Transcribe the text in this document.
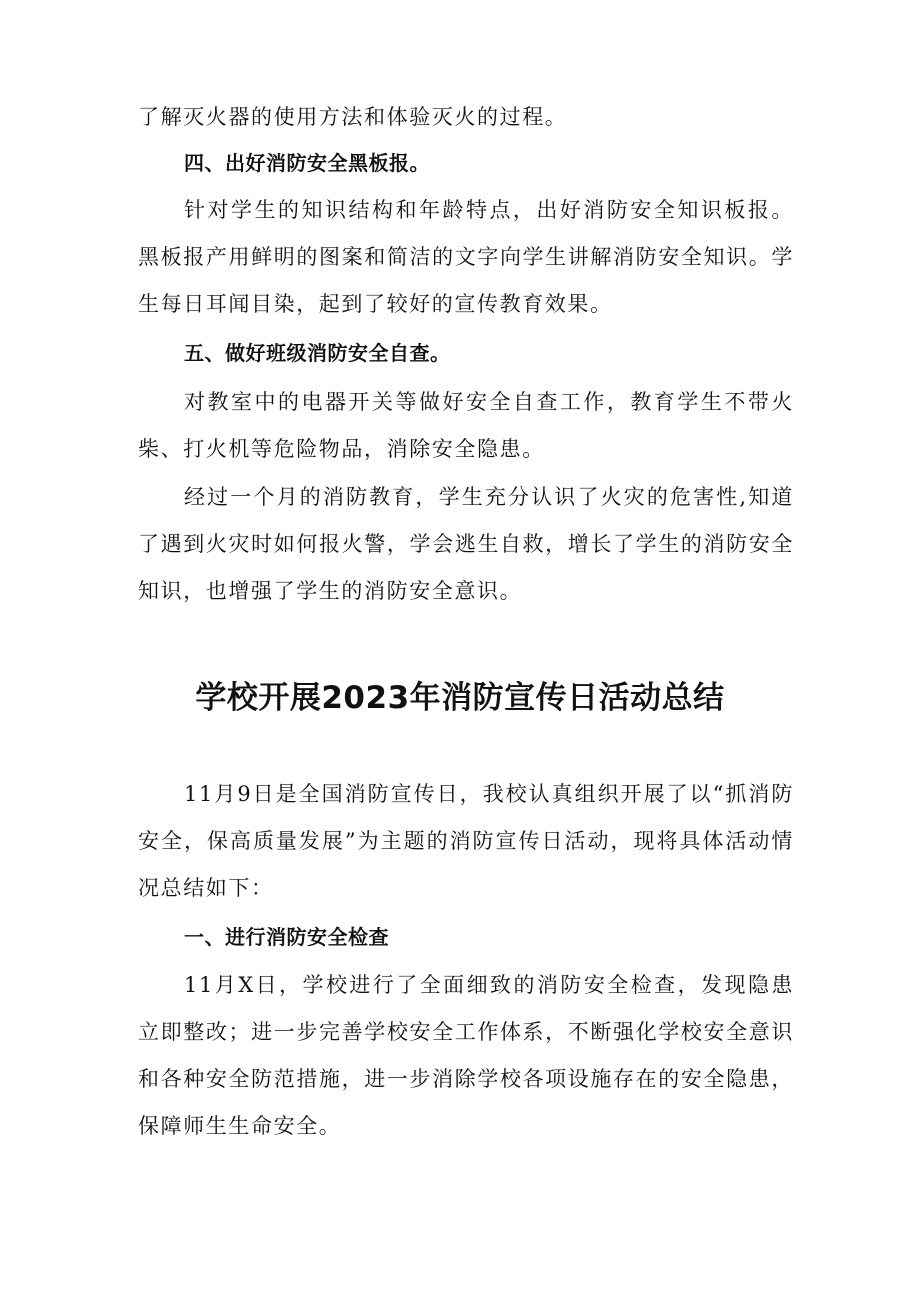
了解灭火器的使用方法和体验灭火的过程。

四、出好消防安全黑板报。

针对学生的知识结构和年龄特点，出好消防安全知识板报。黑板报产用鲜明的图案和简洁的文字向学生讲解消防安全知识。学生每日耳闻目染，起到了较好的宣传教育效果。

五、做好班级消防安全自查。

对教室中的电器开关等做好安全自查工作，教育学生不带火柴、打火机等危险物品，消除安全隐患。

经过一个月的消防教育，学生充分认识了火灾的危害性,知道了遇到火灾时如何报火警，学会逃生自救，增长了学生的消防安全知识，也增强了学生的消防安全意识。

学校开展2023年消防宣传日活动总结

11月9日是全国消防宣传日，我校认真组织开展了以“抓消防安全，保高质量发展”为主题的消防宣传日活动，现将具体活动情况总结如下：

一、进行消防安全检查

11月X日，学校进行了全面细致的消防安全检查，发现隐患立即整改；进一步完善学校安全工作体系，不断强化学校安全意识和各种安全防范措施，进一步消除学校各项设施存在的安全隐患，保障师生生命安全。
